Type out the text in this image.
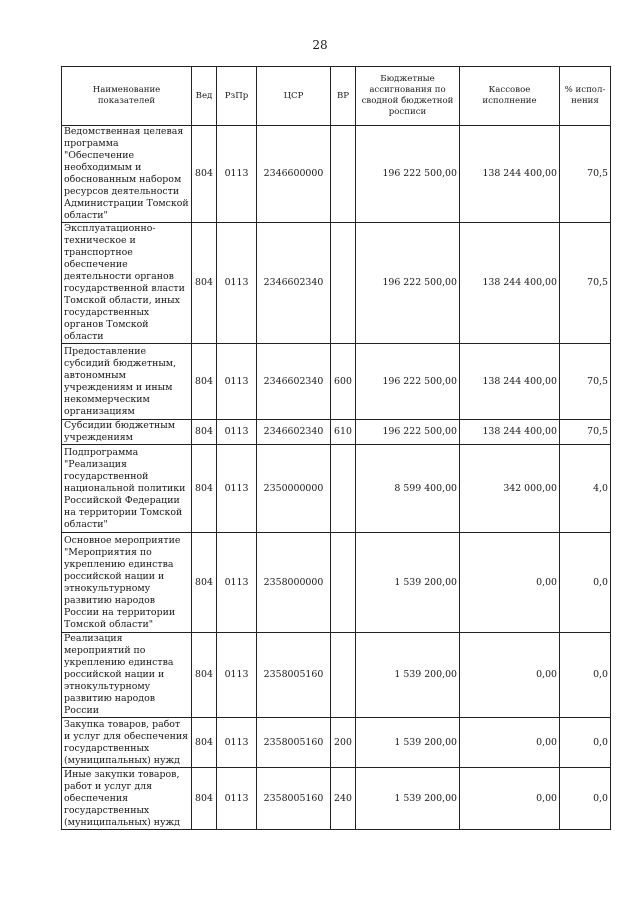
28
Наименование показателей	Вед	РзПр	ЦСР	ВР	Бюджетные ассигнования по сводной бюджетной росписи	Кассовое исполнение	% испол-нения
Ведомственная целевая программа "Обеспечение необходимым и обоснованным набором ресурсов деятельности Администрации Томской области"	804	0113	2346600000		196 222 500,00	138 244 400,00	70,5
Эксплуатационно-техническое и транспортное обеспечение деятельности органов государственной власти Томской области, иных государственных органов Томской области	804	0113	2346602340		196 222 500,00	138 244 400,00	70,5
Предоставление субсидий бюджетным, автономным учреждениям и иным некоммерческим организациям	804	0113	2346602340	600	196 222 500,00	138 244 400,00	70,5
Субсидии бюджетным учреждениям	804	0113	2346602340	610	196 222 500,00	138 244 400,00	70,5
Подпрограмма "Реализация государственной национальной политики Российской Федерации на территории Томской области"	804	0113	2350000000		8 599 400,00	342 000,00	4,0
Основное мероприятие "Мероприятия по укреплению единства российской нации и этнокультурному развитию народов России на территории Томской области"	804	0113	2358000000		1 539 200,00	0,00	0,0
Реализация мероприятий по укреплению единства российской нации и этнокультурному развитию народов России	804	0113	2358005160		1 539 200,00	0,00	0,0
Закупка товаров, работ и услуг для обеспечения государственных (муниципальных) нужд	804	0113	2358005160	200	1 539 200,00	0,00	0,0
Иные закупки товаров, работ и услуг для обеспечения государственных (муниципальных) нужд	804	0113	2358005160	240	1 539 200,00	0,00	0,0
